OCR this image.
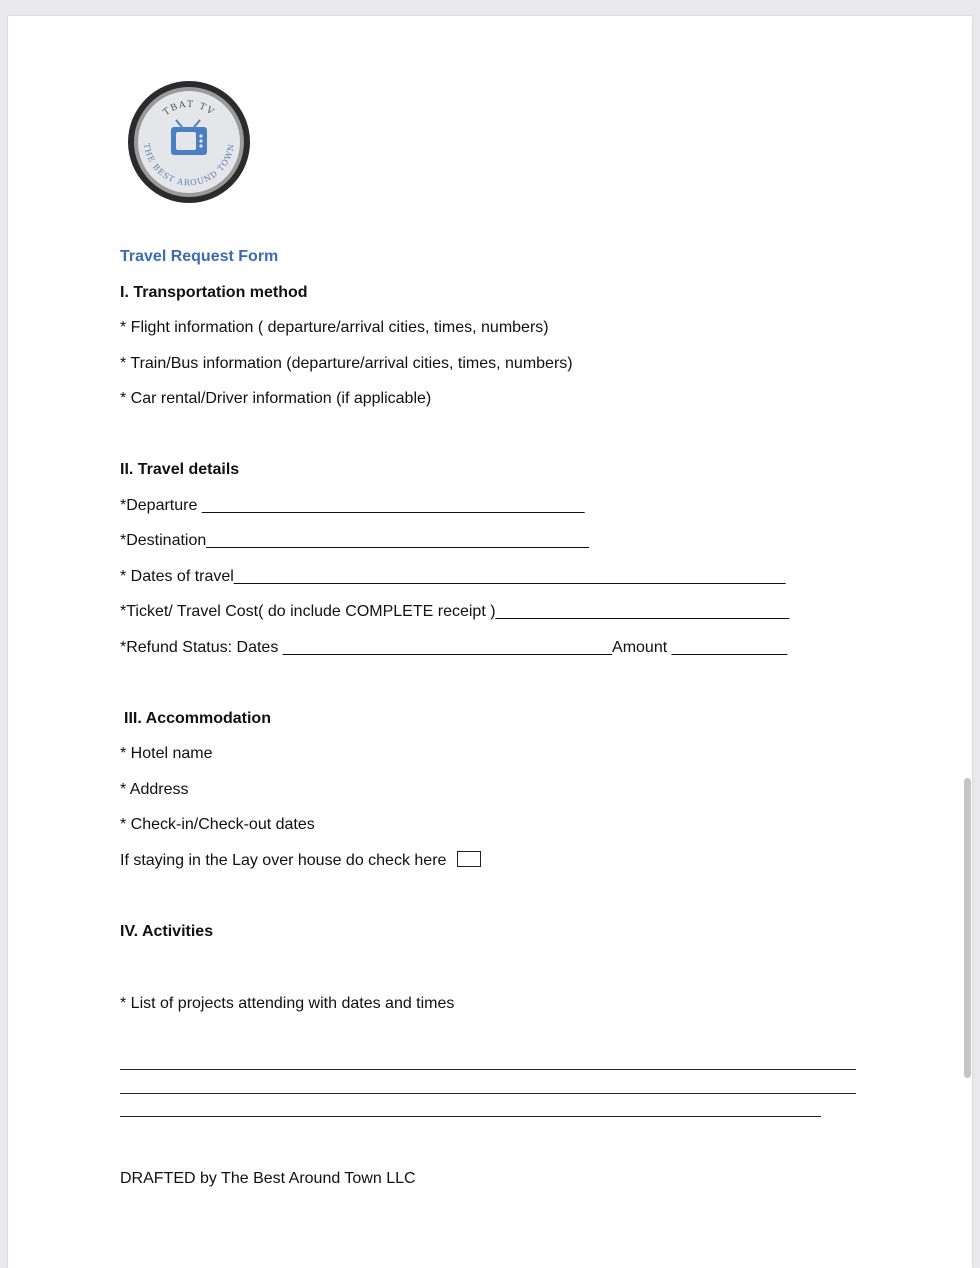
TBAT TV
THE BEST AROUND TOWN
Travel Request Form
I. Transportation method
* Flight information ( departure/arrival cities, times, numbers)
* Train/Bus information (departure/arrival cities, times, numbers)
* Car rental/Driver information (if applicable)
II. Travel details
*Departure ___________________________________________
*Destination___________________________________________
* Dates of travel______________________________________________________________
*Ticket/ Travel Cost( do include COMPLETE receipt )_________________________________
*Refund Status: Dates _____________________________________Amount _____________
III. Accommodation
* Hotel name
* Address
* Check-in/Check-out dates
If staying in the Lay over house do check here
IV. Activities
* List of projects attending with dates and times
DRAFTED by The Best Around Town LLC
